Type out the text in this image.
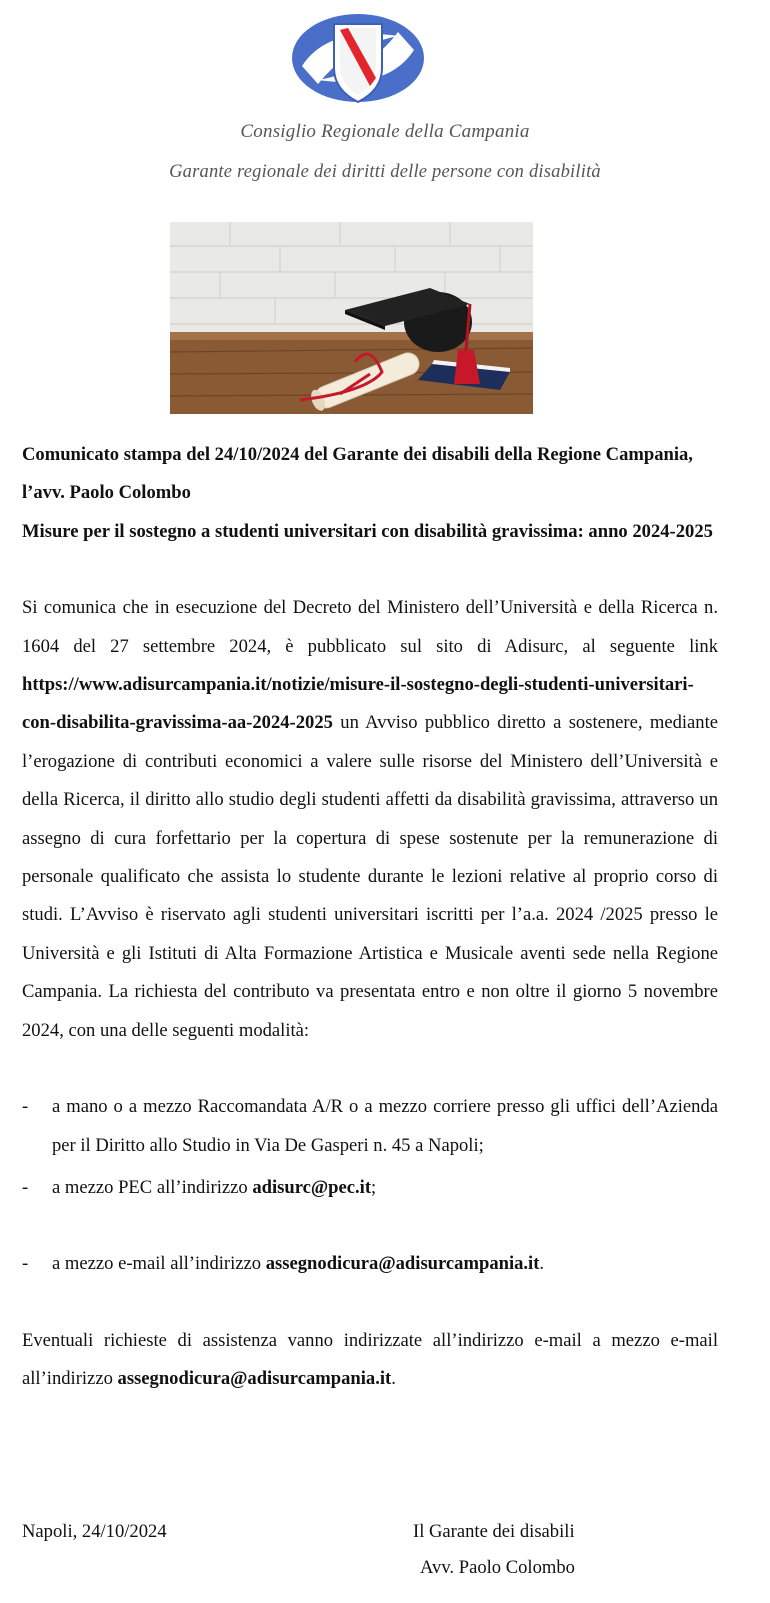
Consiglio Regionale della Campania
Garante regionale dei diritti delle persone con disabilità

Comunicato stampa del 24/10/2024 del Garante dei disabili della Regione Campania, l’avv. Paolo Colombo

Misure per il sostegno a studenti universitari con disabilità gravissima: anno 2024-2025

Si comunica che in esecuzione del Decreto del Ministero dell’Università e della Ricerca n. 1604 del 27 settembre 2024, è pubblicato sul sito di Adisurc, al seguente link https://www.adisurcampania.it/notizie/misure-il-sostegno-degli-studenti-universitari-con-disabilita-gravissima-aa-2024-2025 un Avviso pubblico diretto a sostenere, mediante l’erogazione di contributi economici a valere sulle risorse del Ministero dell’Università e della Ricerca, il diritto allo studio degli studenti affetti da disabilità gravissima, attraverso un assegno di cura forfettario per la copertura di spese sostenute per la remunerazione di personale qualificato che assista lo studente durante le lezioni relative al proprio corso di studi. L’Avviso è riservato agli studenti universitari iscritti per l’a.a. 2024 /2025 presso le Università e gli Istituti di Alta Formazione Artistica e Musicale aventi sede nella Regione Campania. La richiesta del contributo va presentata entro e non oltre il giorno 5 novembre 2024, con una delle seguenti modalità:

-	a mano o a mezzo Raccomandata A/R o a mezzo corriere presso gli uffici dell’Azienda per il Diritto allo Studio in Via De Gasperi n. 45 a Napoli;
-	a mezzo PEC all’indirizzo adisurc@pec.it;
-	a mezzo e-mail all’indirizzo assegnodicura@adisurcampania.it.

Eventuali richieste di assistenza vanno indirizzate all’indirizzo e-mail a mezzo e-mail all’indirizzo assegnodicura@adisurcampania.it.

Napoli, 24/10/2024	Il Garante dei disabili
Avv. Paolo Colombo
